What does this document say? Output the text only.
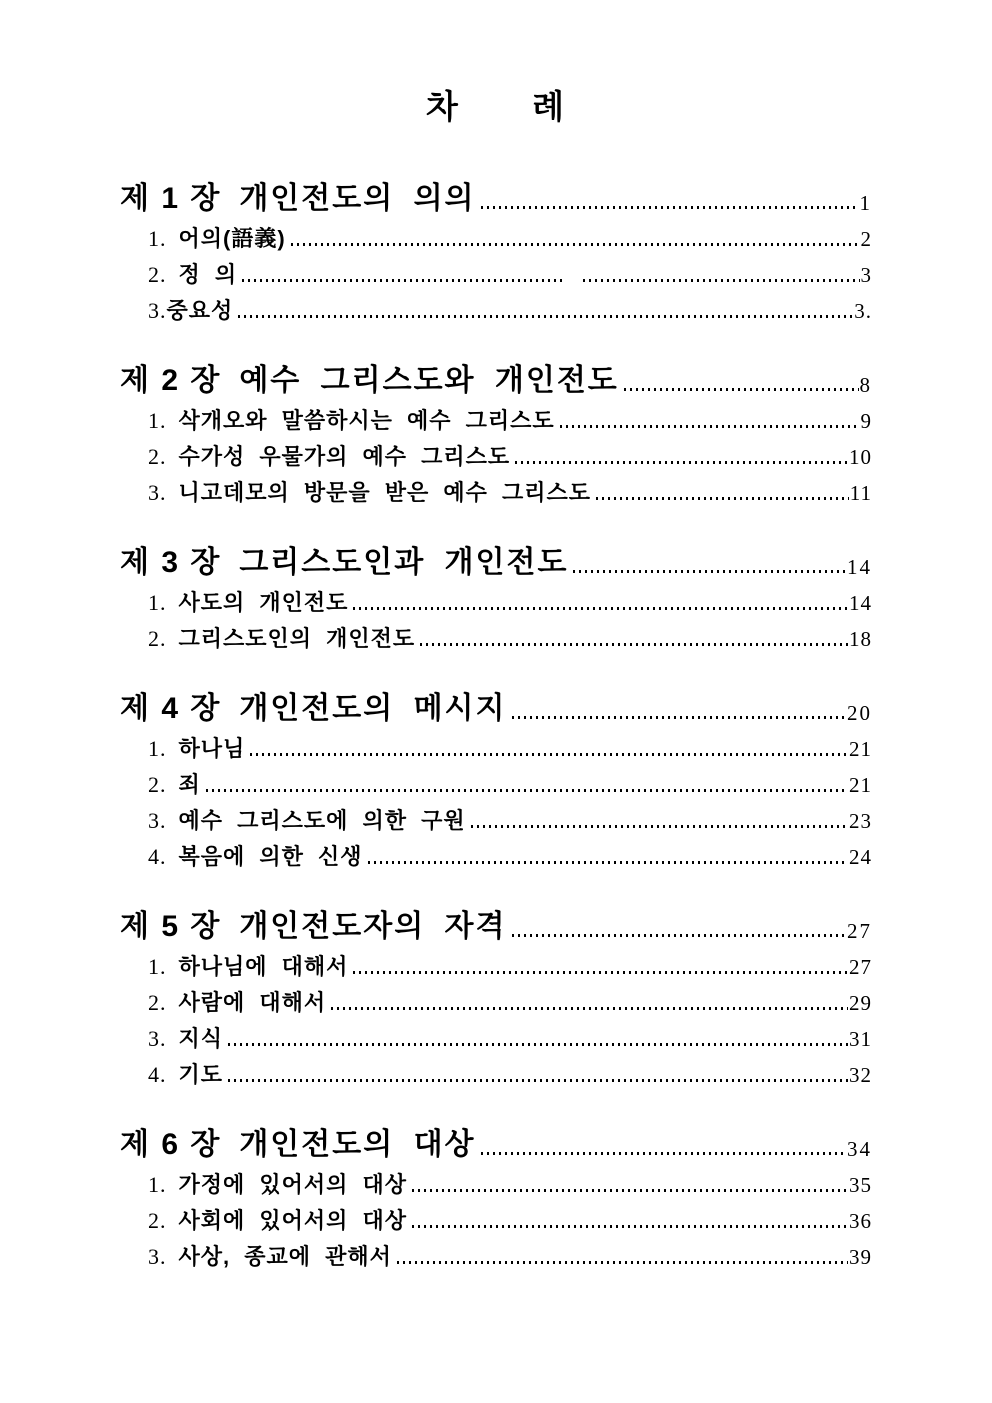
차 례
제 1 장 개인전도의 의의	1
1. 어의(語義)	2
2. 정 의	3
3. 중요성	3.
제 2 장 예수 그리스도와 개인전도	8
1. 삭개오와 말씀하시는 예수 그리스도	9
2. 수가성 우물가의 예수 그리스도	10
3. 니고데모의 방문을 받은 예수 그리스도	11
제 3 장 그리스도인과 개인전도	14
1. 사도의 개인전도	14
2. 그리스도인의 개인전도	18
제 4 장 개인전도의 메시지	20
1. 하나님	21
2. 죄	21
3. 예수 그리스도에 의한 구원	23
4. 복음에 의한 신생	24
제 5 장 개인전도자의 자격	27
1. 하나님에 대해서	27
2. 사람에 대해서	29
3. 지식	31
4. 기도	32
제 6 장 개인전도의 대상	34
1. 가정에 있어서의 대상	35
2. 사회에 있어서의 대상	36
3. 사상, 종교에 관해서	39
